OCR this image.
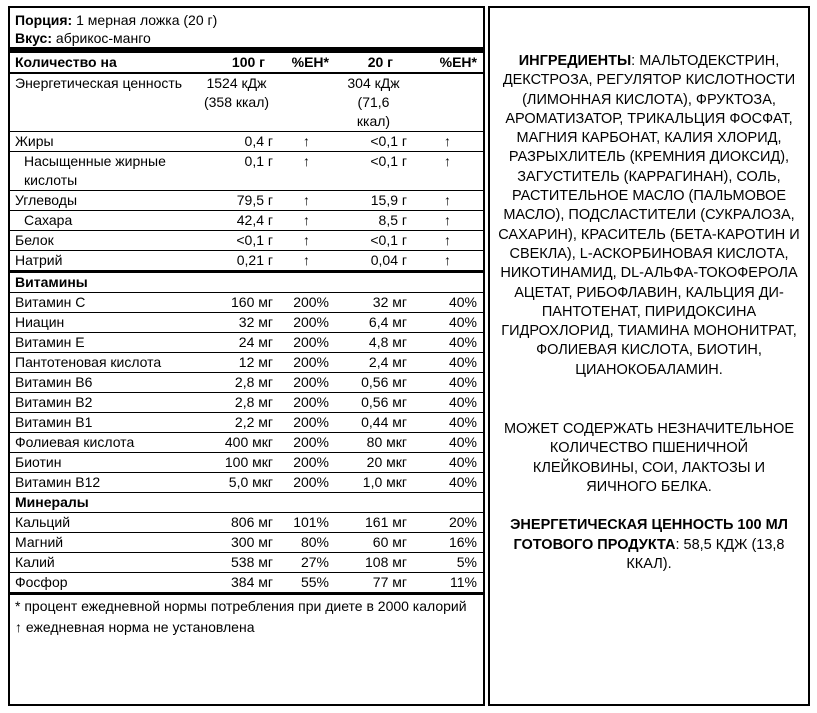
Порция: 1 мерная ложка (20 г)
Вкус: абрикос-манго
Количество на	100 г	%ЕН*	20 г	%ЕН*
Энергетическая ценность	1524 кДж (358 ккал)		304 кДж (71,6 ккал)	
Жиры	0,4 г	↑	<0,1 г	↑
Насыщенные жирные кислоты	0,1 г	↑	<0,1 г	↑
Углеводы	79,5 г	↑	15,9 г	↑
Сахара	42,4 г	↑	8,5 г	↑
Белок	<0,1 г	↑	<0,1 г	↑
Натрий	0,21 г	↑	0,04 г	↑
Витамины				
Витамин C	160 мг	200%	32 мг	40%
Ниацин	32 мг	200%	6,4 мг	40%
Витамин E	24 мг	200%	4,8 мг	40%
Пантотеновая кислота	12 мг	200%	2,4 мг	40%
Витамин B6	2,8 мг	200%	0,56 мг	40%
Витамин B2	2,8 мг	200%	0,56 мг	40%
Витамин B1	2,2 мг	200%	0,44 мг	40%
Фолиевая кислота	400 мкг	200%	80 мкг	40%
Биотин	100 мкг	200%	20 мкг	40%
Витамин B12	5,0 мкг	200%	1,0 мкг	40%
Минералы				
Кальций	806 мг	101%	161 мг	20%
Магний	300 мг	80%	60 мг	16%
Калий	538 мг	27%	108 мг	5%
Фосфор	384 мг	55%	77 мг	11%
* процент ежедневной нормы потребления при диете в 2000 калорий
↑ ежедневная норма не установлена
ИНГРЕДИЕНТЫ: МАЛЬТОДЕКСТРИН, ДЕКСТРОЗА, РЕГУЛЯТОР КИСЛОТНОСТИ (ЛИМОННАЯ КИСЛОТА), ФРУКТОЗА, АРОМАТИЗАТОР, ТРИКАЛЬЦИЯ ФОСФАТ, МАГНИЯ КАРБОНАТ, КАЛИЯ ХЛОРИД, РАЗРЫХЛИТЕЛЬ (КРЕМНИЯ ДИОКСИД), ЗАГУСТИТЕЛЬ (КАРРАГИНАН), СОЛЬ, РАСТИТЕЛЬНОЕ МАСЛО (ПАЛЬМОВОЕ МАСЛО), ПОДСЛАСТИТЕЛИ (СУКРАЛОЗА, САХАРИН), КРАСИТЕЛЬ (БЕТА-КАРОТИН И СВЕКЛА), L-АСКОРБИНОВАЯ КИСЛОТА, НИКОТИНАМИД, DL-АЛЬФА-ТОКОФЕРОЛА АЦЕТАТ, РИБОФЛАВИН, КАЛЬЦИЯ ДИ-ПАНТОТЕНАТ, ПИРИДОКСИНА ГИДРОХЛОРИД, ТИАМИНА МОНОНИТРАТ, ФОЛИЕВАЯ КИСЛОТА, БИОТИН, ЦИАНОКОБАЛАМИН.
МОЖЕТ СОДЕРЖАТЬ НЕЗНАЧИТЕЛЬНОЕ КОЛИЧЕСТВО ПШЕНИЧНОЙ КЛЕЙКОВИНЫ, СОИ, ЛАКТОЗЫ И ЯИЧНОГО БЕЛКА.
ЭНЕРГЕТИЧЕСКАЯ ЦЕННОСТЬ 100 МЛ ГОТОВОГО ПРОДУКТА: 58,5 КДЖ (13,8 ККАЛ).
